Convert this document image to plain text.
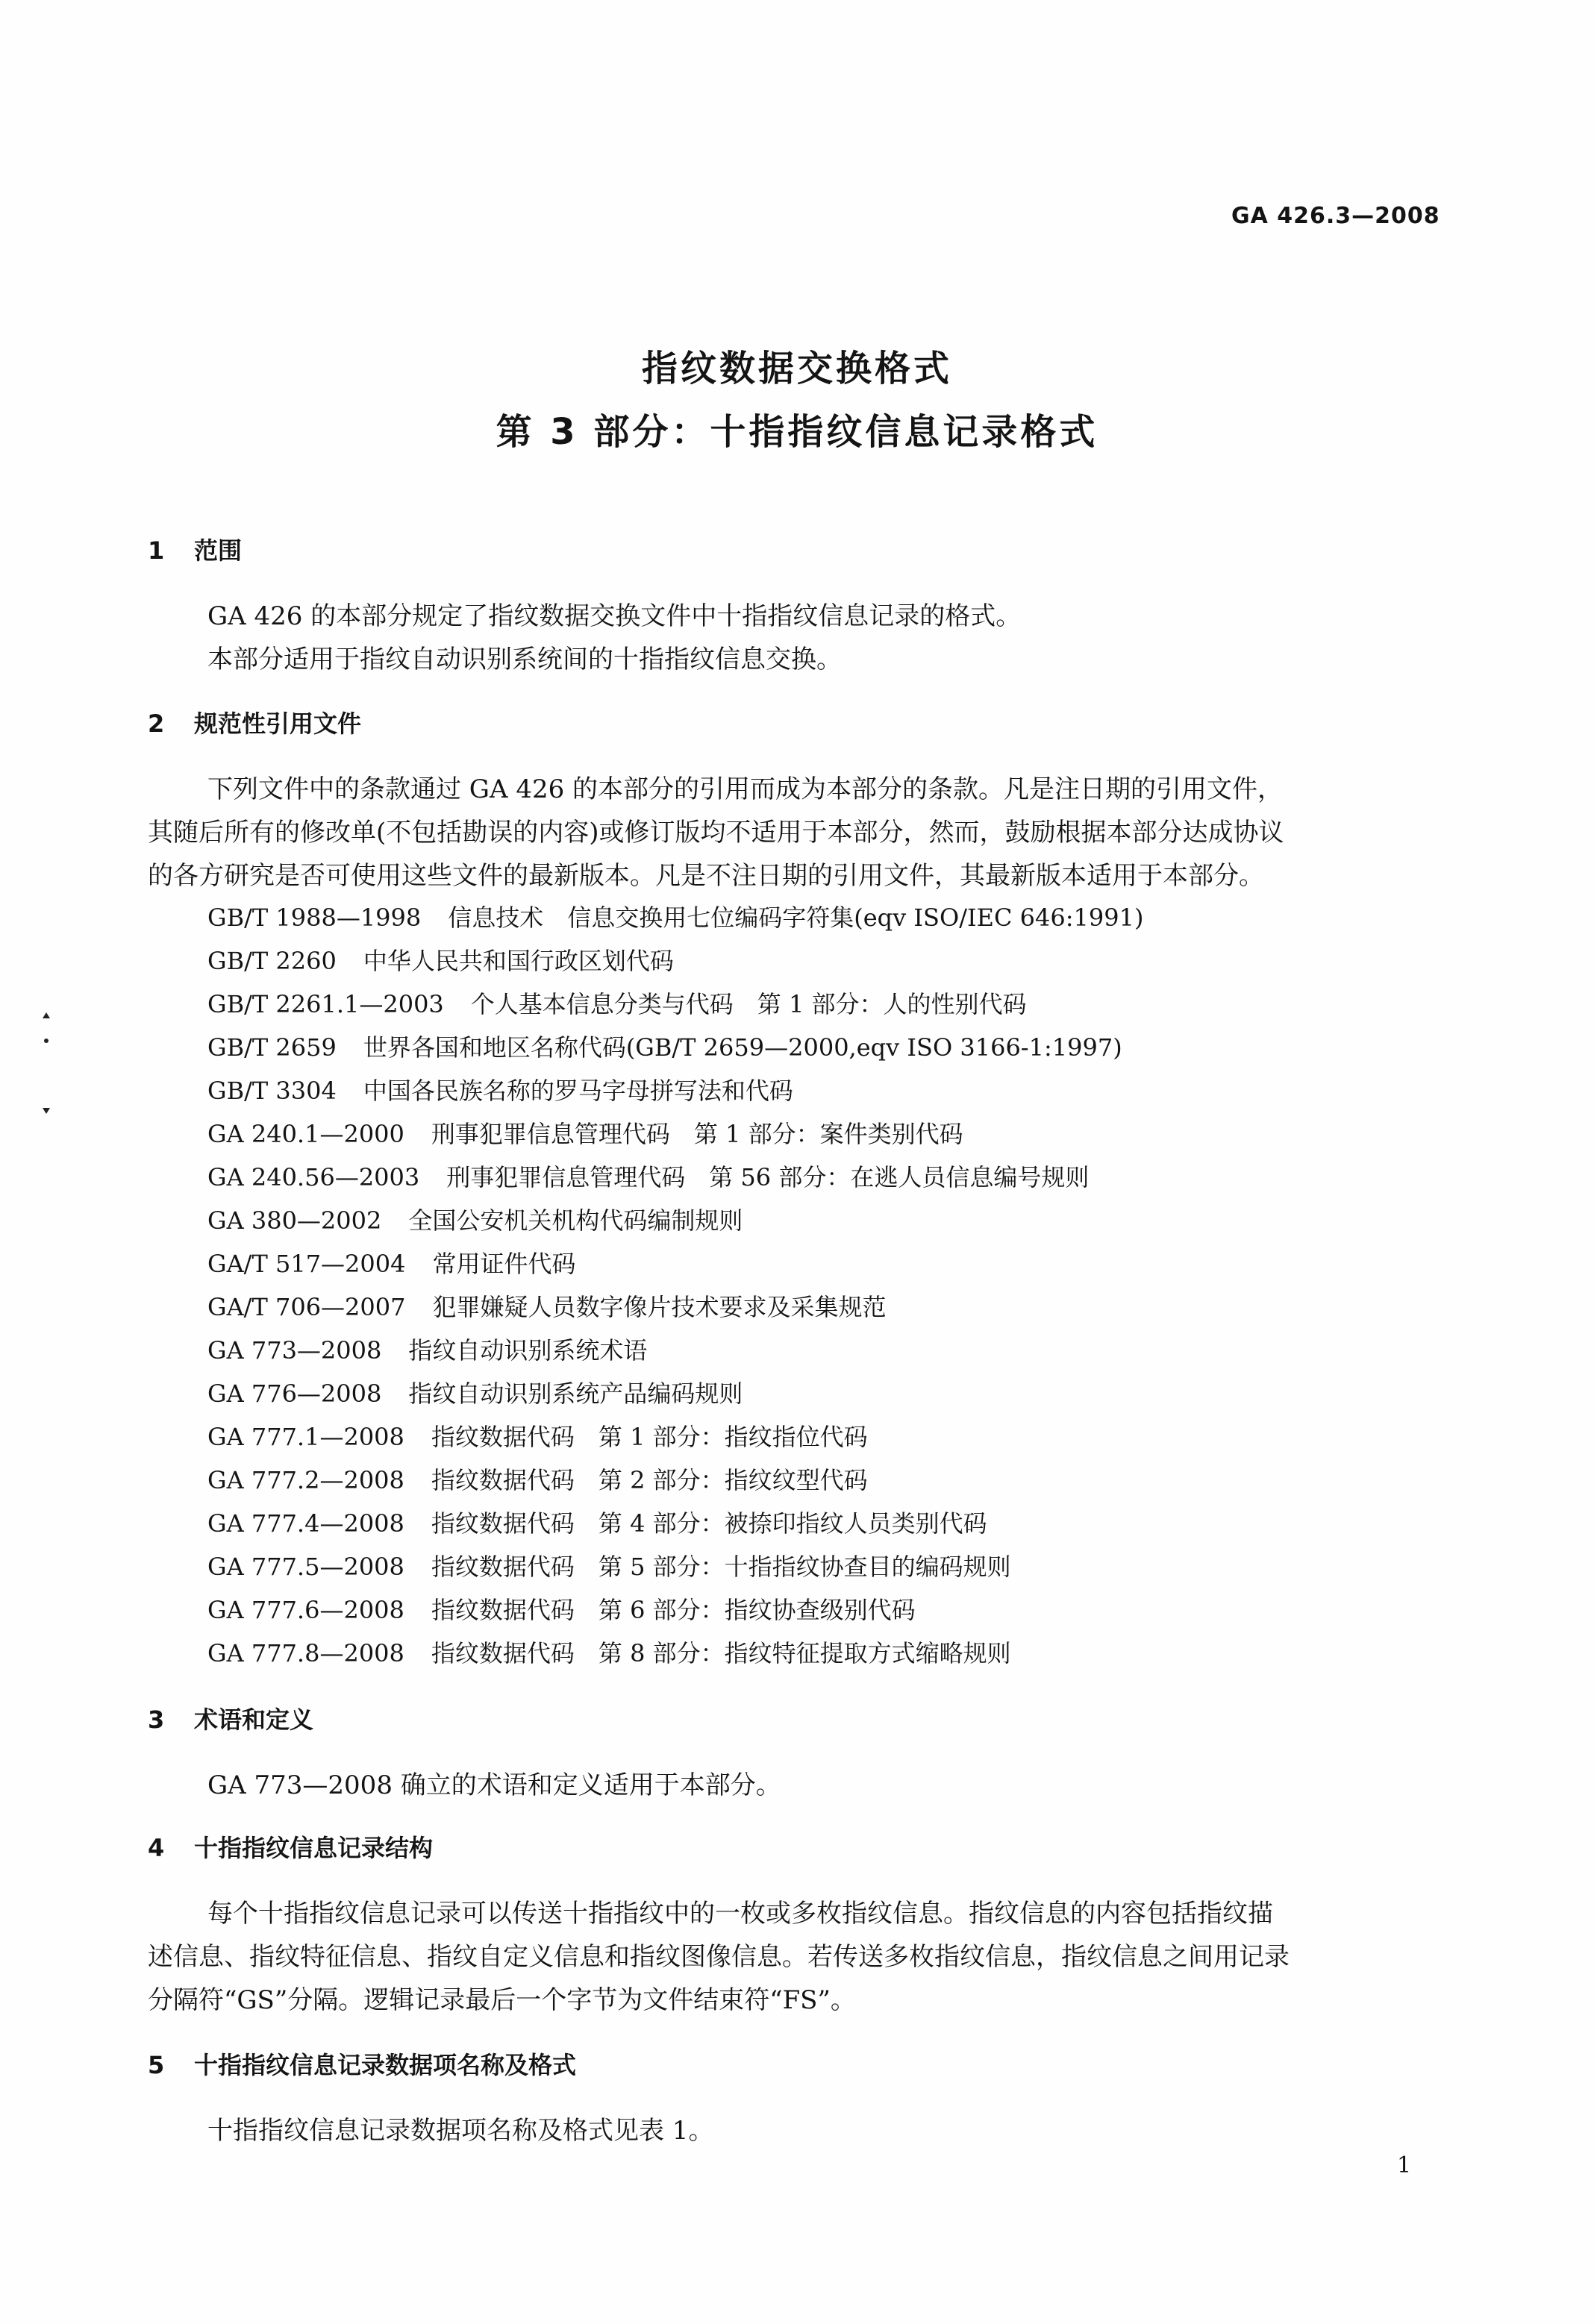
GA 426.3—2008
指纹数据交换格式
第 3 部分：十指指纹信息记录格式
1 范围
GA 426 的本部分规定了指纹数据交换文件中十指指纹信息记录的格式。
本部分适用于指纹自动识别系统间的十指指纹信息交换。
2 规范性引用文件
下列文件中的条款通过 GA 426 的本部分的引用而成为本部分的条款。凡是注日期的引用文件，
其随后所有的修改单(不包括勘误的内容)或修订版均不适用于本部分，然而，鼓励根据本部分达成协议
的各方研究是否可使用这些文件的最新版本。凡是不注日期的引用文件，其最新版本适用于本部分。
GB/T 1988—1998 信息技术　信息交换用七位编码字符集(eqv ISO/IEC 646:1991)
GB/T 2260 中华人民共和国行政区划代码
GB/T 2261.1—2003 个人基本信息分类与代码　第 1 部分：人的性别代码
GB/T 2659 世界各国和地区名称代码(GB/T 2659—2000,eqv ISO 3166-1:1997)
GB/T 3304 中国各民族名称的罗马字母拼写法和代码
GA 240.1—2000 刑事犯罪信息管理代码　第 1 部分：案件类别代码
GA 240.56—2003 刑事犯罪信息管理代码　第 56 部分：在逃人员信息编号规则
GA 380—2002 全国公安机关机构代码编制规则
GA/T 517—2004 常用证件代码
GA/T 706—2007 犯罪嫌疑人员数字像片技术要求及采集规范
GA 773—2008 指纹自动识别系统术语
GA 776—2008 指纹自动识别系统产品编码规则
GA 777.1—2008 指纹数据代码　第 1 部分：指纹指位代码
GA 777.2—2008 指纹数据代码　第 2 部分：指纹纹型代码
GA 777.4—2008 指纹数据代码　第 4 部分：被捺印指纹人员类别代码
GA 777.5—2008 指纹数据代码　第 5 部分：十指指纹协查目的编码规则
GA 777.6—2008 指纹数据代码　第 6 部分：指纹协查级别代码
GA 777.8—2008 指纹数据代码　第 8 部分：指纹特征提取方式缩略规则
3 术语和定义
GA 773—2008 确立的术语和定义适用于本部分。
4 十指指纹信息记录结构
每个十指指纹信息记录可以传送十指指纹中的一枚或多枚指纹信息。指纹信息的内容包括指纹描
述信息、指纹特征信息、指纹自定义信息和指纹图像信息。若传送多枚指纹信息，指纹信息之间用记录
分隔符“GS”分隔。逻辑记录最后一个字节为文件结束符“FS”。
5 十指指纹信息记录数据项名称及格式
十指指纹信息记录数据项名称及格式见表 1。
1
